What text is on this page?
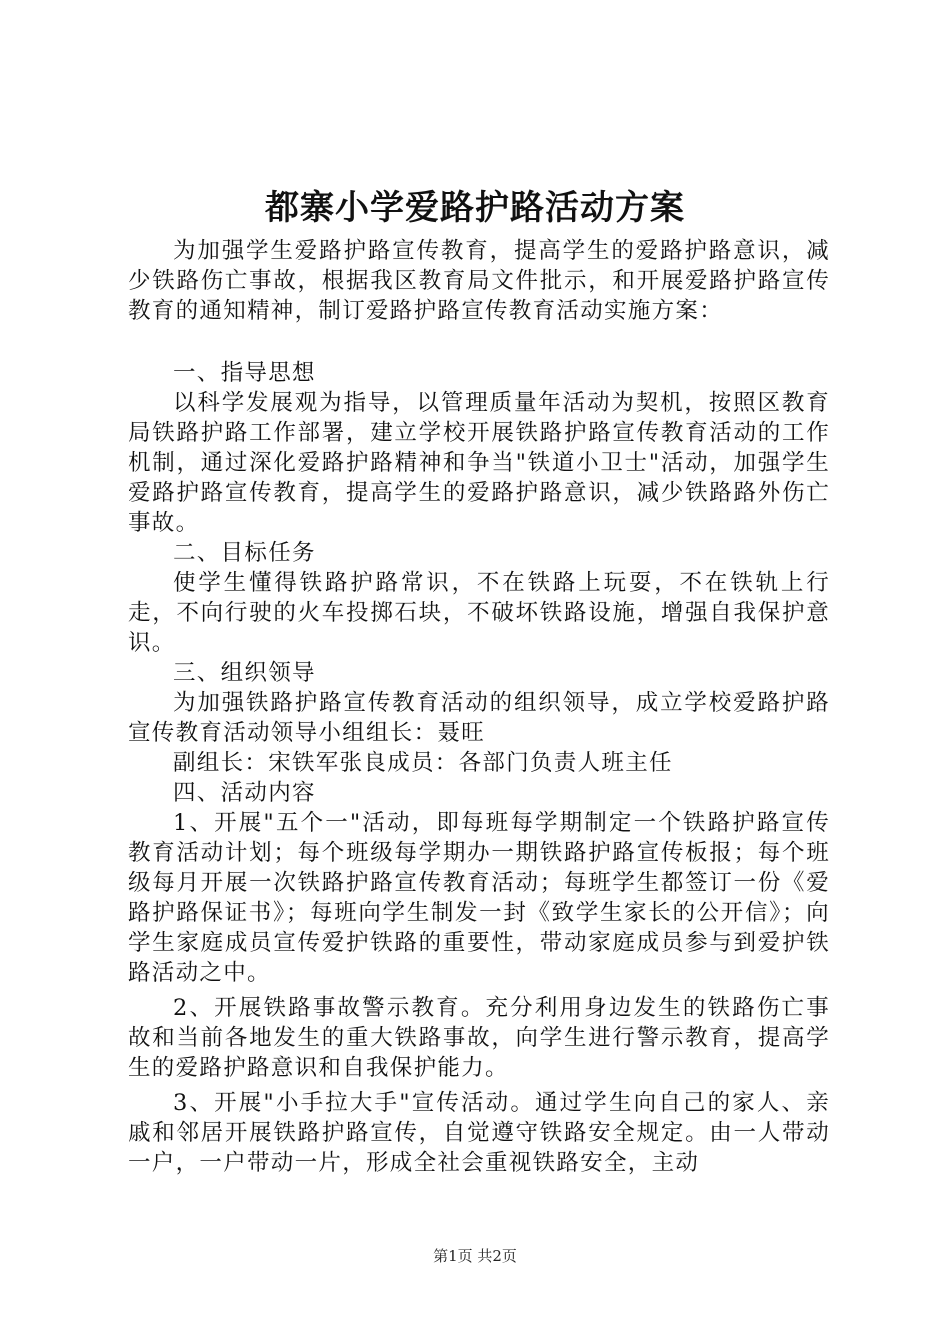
都寨小学爱路护路活动方案

为加强学生爱路护路宣传教育，提高学生的爱路护路意识，减少铁路伤亡事故，根据我区教育局文件批示，和开展爱路护路宣传教育的通知精神，制订爱路护路宣传教育活动实施方案：

一、指导思想

以科学发展观为指导，以管理质量年活动为契机，按照区教育局铁路护路工作部署，建立学校开展铁路护路宣传教育活动的工作机制，通过深化爱路护路精神和争当"铁道小卫士"活动，加强学生爱路护路宣传教育，提高学生的爱路护路意识，减少铁路路外伤亡事故。

二、目标任务

使学生懂得铁路护路常识，不在铁路上玩耍，不在铁轨上行走，不向行驶的火车投掷石块，不破坏铁路设施，增强自我保护意识。

三、组织领导

为加强铁路护路宣传教育活动的组织领导，成立学校爱路护路宣传教育活动领导小组组长：聂旺

副组长：宋铁军张良成员：各部门负责人班主任

四、活动内容

1、开展"五个一"活动，即每班每学期制定一个铁路护路宣传教育活动计划；每个班级每学期办一期铁路护路宣传板报；每个班级每月开展一次铁路护路宣传教育活动；每班学生都签订一份《爱路护路保证书》；每班向学生制发一封《致学生家长的公开信》；向学生家庭成员宣传爱护铁路的重要性，带动家庭成员参与到爱护铁路活动之中。

2、开展铁路事故警示教育。充分利用身边发生的铁路伤亡事故和当前各地发生的重大铁路事故，向学生进行警示教育，提高学生的爱路护路意识和自我保护能力。

3、开展"小手拉大手"宣传活动。通过学生向自己的家人、亲戚和邻居开展铁路护路宣传，自觉遵守铁路安全规定。由一人带动一户，一户带动一片，形成全社会重视铁路安全，主动

第1页 共2页
